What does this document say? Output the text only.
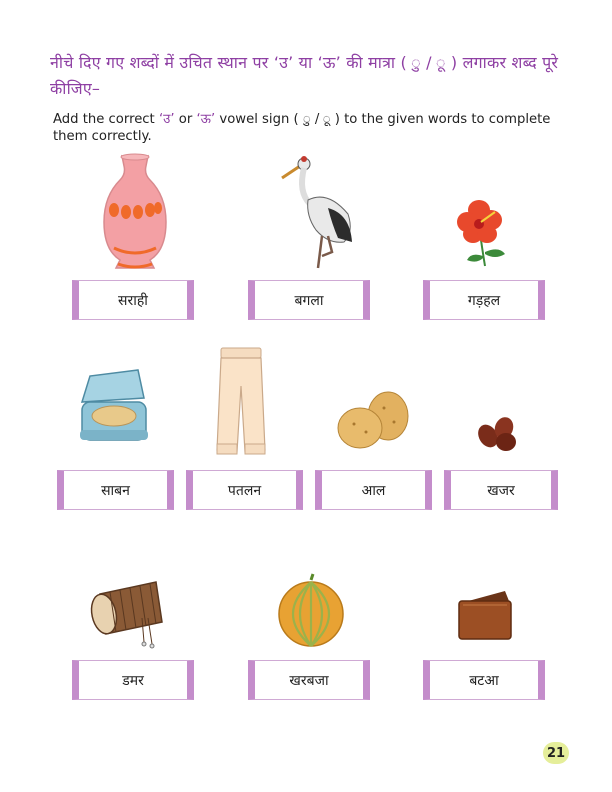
नीचे दिए गए शब्दों में उचित स्थान पर ‘उ’ या ‘ऊ’ की मात्रा ( ु / ू ) लगाकर शब्द पूरे कीजिए–
Add the correct ‘उ’ or ‘ऊ’ vowel sign ( ु / ू ) to the given words to complete them correctly.
सराही	बगला	गड़हल
साबन	पतलन	आल	खजर
डमर	खरबजा	बटआ
21
